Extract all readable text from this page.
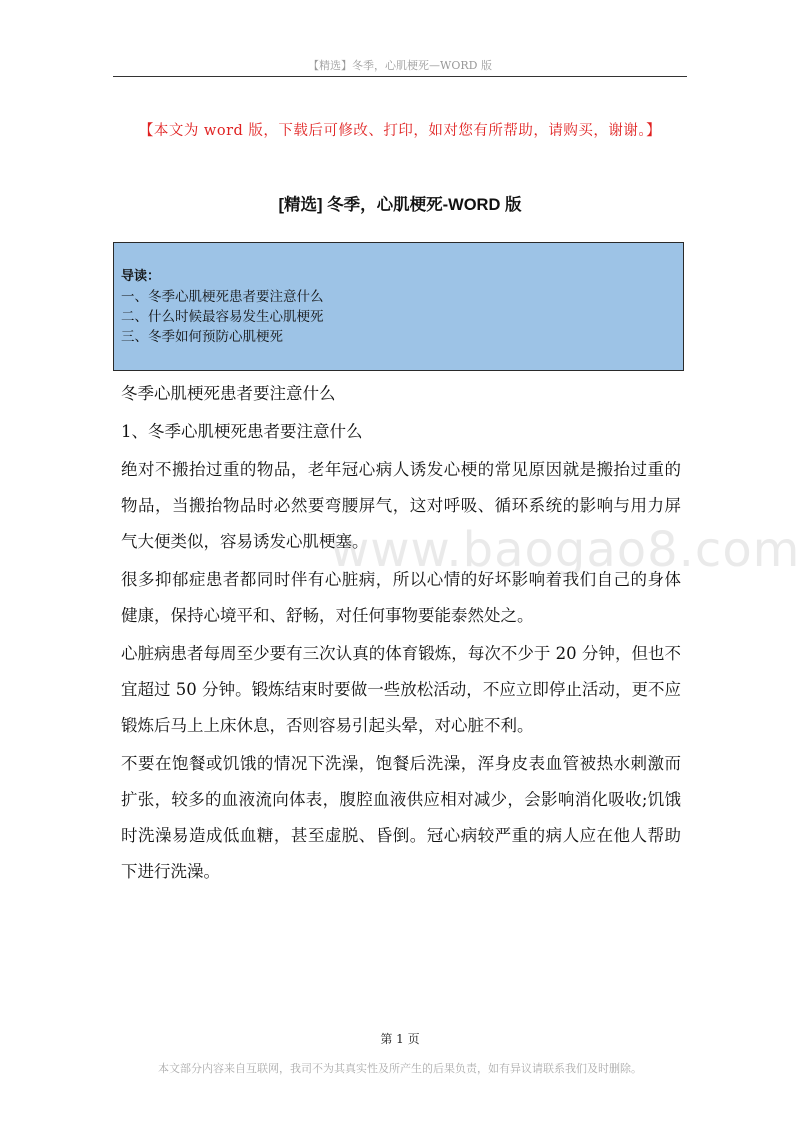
【精选】冬季，心肌梗死—WORD 版
【本文为 word 版，下载后可修改、打印，如对您有所帮助，请购买，谢谢。】
[精选] 冬季，心肌梗死-WORD 版
导读：
一、冬季心肌梗死患者要注意什么
二、什么时候最容易发生心肌梗死
三、冬季如何预防心肌梗死

冬季心肌梗死患者要注意什么

1、冬季心肌梗死患者要注意什么

绝对不搬抬过重的物品，老年冠心病人诱发心梗的常见原因就是搬抬过重的物品，当搬抬物品时必然要弯腰屏气，这对呼吸、循环系统的影响与用力屏气大便类似，容易诱发心肌梗塞。

很多抑郁症患者都同时伴有心脏病，所以心情的好坏影响着我们自己的身体健康，保持心境平和、舒畅，对任何事物要能泰然处之。

心脏病患者每周至少要有三次认真的体育锻炼，每次不少于 20 分钟，但也不宜超过 50 分钟。锻炼结束时要做一些放松活动，不应立即停止活动，更不应锻炼后马上上床休息，否则容易引起头晕，对心脏不利。

不要在饱餐或饥饿的情况下洗澡，饱餐后洗澡，浑身皮表血管被热水刺激而扩张，较多的血液流向体表，腹腔血液供应相对减少，会影响消化吸收;饥饿时洗澡易造成低血糖，甚至虚脱、昏倒。冠心病较严重的病人应在他人帮助下进行洗澡。

www.baogao8.com
第 1 页
本文部分内容来自互联网，我司不为其真实性及所产生的后果负责，如有异议请联系我们及时删除。
